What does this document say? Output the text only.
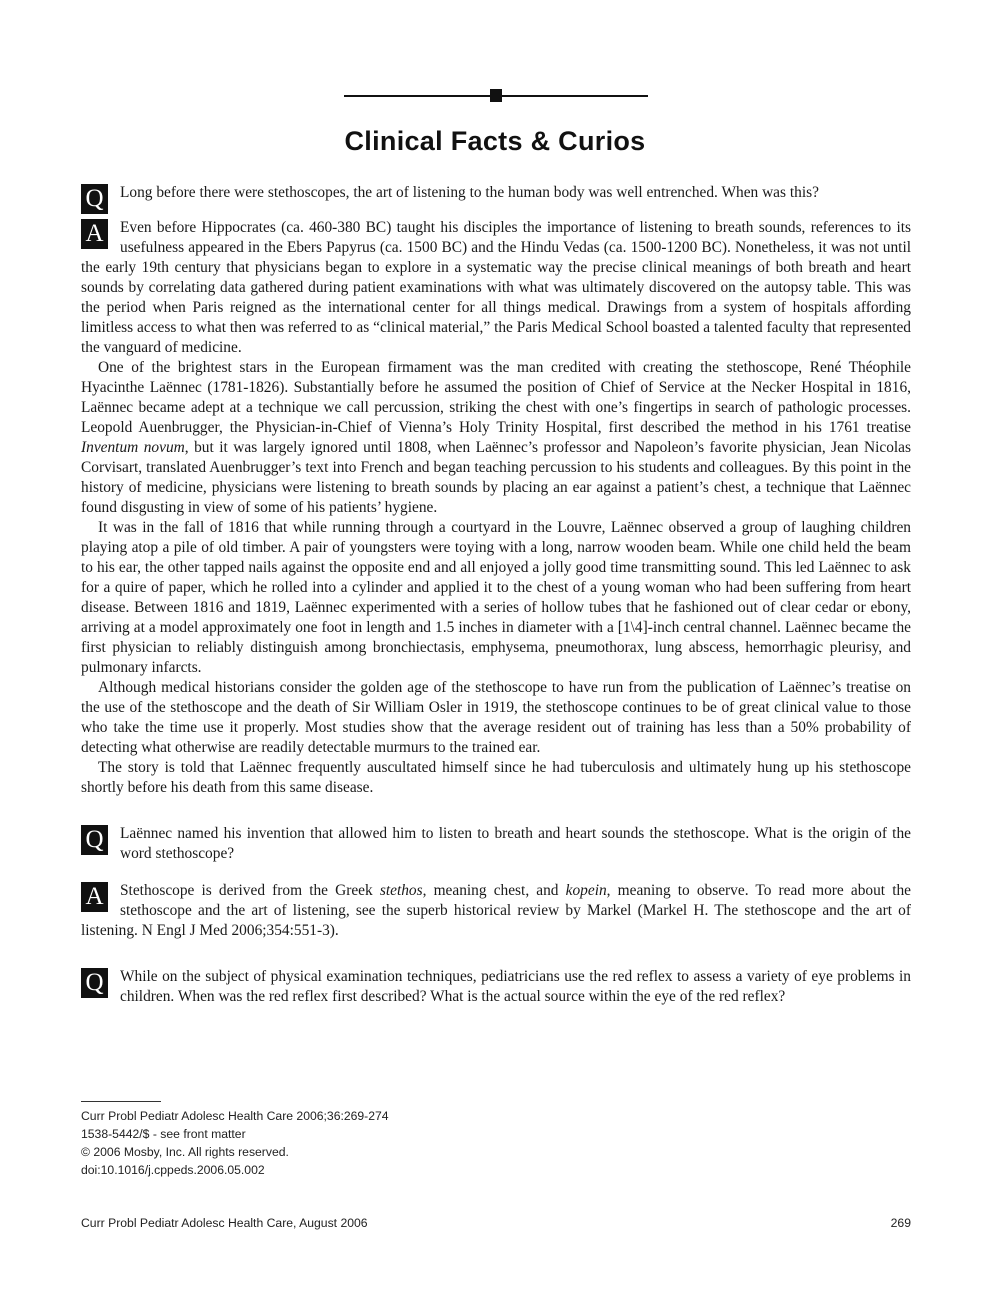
Clinical Facts & Curios
Q	Long before there were stethoscopes, the art of listening to the human body was well entrenched. When was this?

A	Even before Hippocrates (ca. 460-380 BC) taught his disciples the importance of listening to breath sounds, references to its usefulness appeared in the Ebers Papyrus (ca. 1500 BC) and the Hindu Vedas (ca. 1500-1200 BC). Nonetheless, it was not until the early 19th century that physicians began to explore in a systematic way the precise clinical meanings of both breath and heart sounds by correlating data gathered during patient examinations with what was ultimately discovered on the autopsy table. This was the period when Paris reigned as the international center for all things medical. Drawings from a system of hospitals affording limitless access to what then was referred to as “clinical material,” the Paris Medical School boasted a talented faculty that represented the vanguard of medicine.

One of the brightest stars in the European firmament was the man credited with creating the stethoscope, René Théophile Hyacinthe Laënnec (1781-1826). Substantially before he assumed the position of Chief of Service at the Necker Hospital in 1816, Laënnec became adept at a technique we call percussion, striking the chest with one’s fingertips in search of pathologic processes. Leopold Auenbrugger, the Physician-in-Chief of Vienna’s Holy Trinity Hospital, first described the method in his 1761 treatise Inventum novum, but it was largely ignored until 1808, when Laënnec’s professor and Napoleon’s favorite physician, Jean Nicolas Corvisart, translated Auenbrugger’s text into French and began teaching percussion to his students and colleagues. By this point in the history of medicine, physicians were listening to breath sounds by placing an ear against a patient’s chest, a technique that Laënnec found disgusting in view of some of his patients’ hygiene.

It was in the fall of 1816 that while running through a courtyard in the Louvre, Laënnec observed a group of laughing children playing atop a pile of old timber. A pair of youngsters were toying with a long, narrow wooden beam. While one child held the beam to his ear, the other tapped nails against the opposite end and all enjoyed a jolly good time transmitting sound. This led Laënnec to ask for a quire of paper, which he rolled into a cylinder and applied it to the chest of a young woman who had been suffering from heart disease. Between 1816 and 1819, Laënnec experimented with a series of hollow tubes that he fashioned out of clear cedar or ebony, arriving at a model approximately one foot in length and 1.5 inches in diameter with a [1\4]-inch central channel. Laënnec became the first physician to reliably distinguish among bronchiectasis, emphysema, pneumothorax, lung abscess, hemorrhagic pleurisy, and pulmonary infarcts.

Although medical historians consider the golden age of the stethoscope to have run from the publication of Laënnec’s treatise on the use of the stethoscope and the death of Sir William Osler in 1919, the stethoscope continues to be of great clinical value to those who take the time use it properly. Most studies show that the average resident out of training has less than a 50% probability of detecting what otherwise are readily detectable murmurs to the trained ear.

The story is told that Laënnec frequently auscultated himself since he had tuberculosis and ultimately hung up his stethoscope shortly before his death from this same disease.

Q	Laënnec named his invention that allowed him to listen to breath and heart sounds the stethoscope. What is the origin of the word stethoscope?

A	Stethoscope is derived from the Greek stethos, meaning chest, and kopein, meaning to observe. To read more about the stethoscope and the art of listening, see the superb historical review by Markel (Markel H. The stethoscope and the art of listening. N Engl J Med 2006;354:551-3).

Q	While on the subject of physical examination techniques, pediatricians use the red reflex to assess a variety of eye problems in children. When was the red reflex first described? What is the actual source within the eye of the red reflex?

Curr Probl Pediatr Adolesc Health Care 2006;36:269-274
1538-5442/$ - see front matter
© 2006 Mosby, Inc. All rights reserved.
doi:10.1016/j.cppeds.2006.05.002
Curr Probl Pediatr Adolesc Health Care, August 2006	269
